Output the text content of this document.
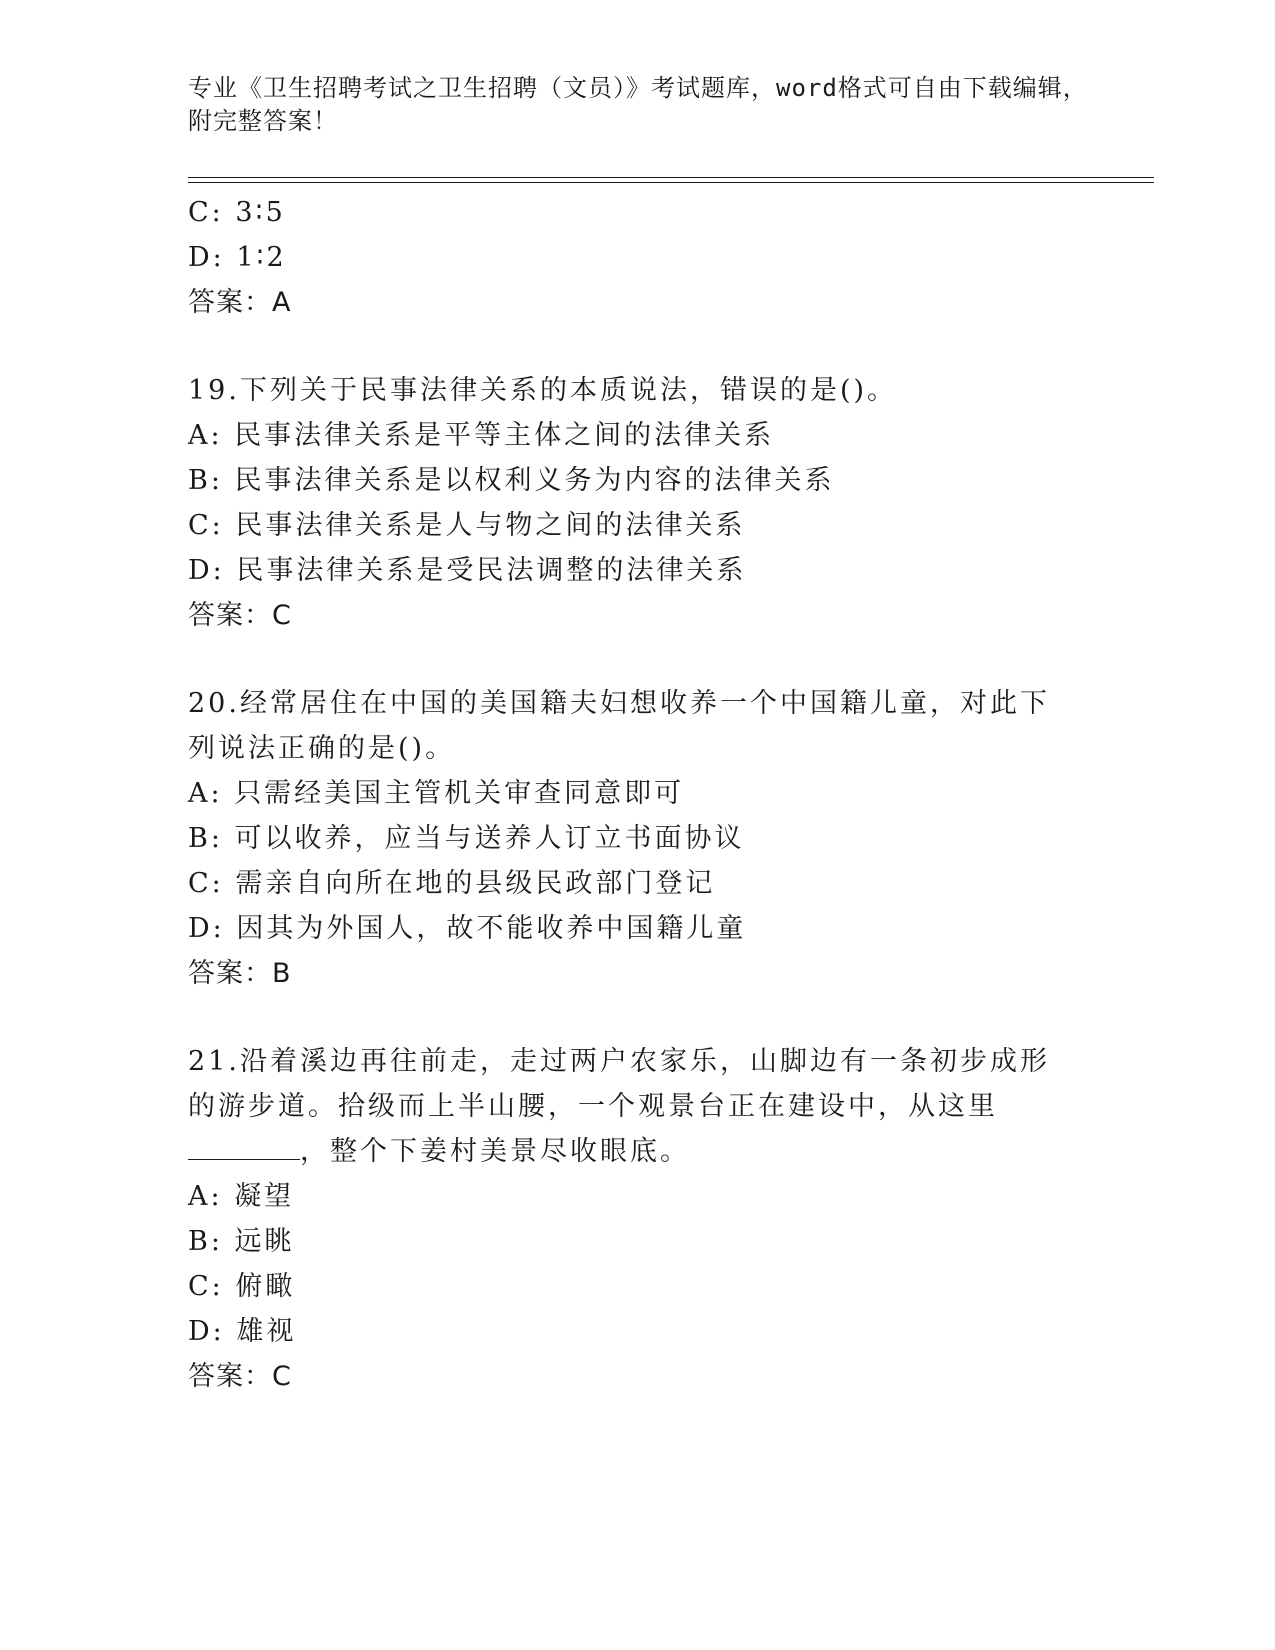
专业《卫生招聘考试之卫生招聘（文员）》考试题库，word格式可自由下载编辑，附完整答案！
C: 3∶5
D: 1∶2
答案：A
19.下列关于民事法律关系的本质说法，错误的是()。
A: 民事法律关系是平等主体之间的法律关系
B: 民事法律关系是以权利义务为内容的法律关系
C: 民事法律关系是人与物之间的法律关系
D: 民事法律关系是受民法调整的法律关系
答案：C
20.经常居住在中国的美国籍夫妇想收养一个中国籍儿童，对此下列说法正确的是()。
A: 只需经美国主管机关审查同意即可
B: 可以收养，应当与送养人订立书面协议
C: 需亲自向所在地的县级民政部门登记
D: 因其为外国人，故不能收养中国籍儿童
答案：B
21.沿着溪边再往前走，走过两户农家乐，山脚边有一条初步成形的游步道。拾级而上半山腰，一个观景台正在建设中，从这里，整个下姜村美景尽收眼底。
A: 凝望
B: 远眺
C: 俯瞰
D: 雄视
答案：C
